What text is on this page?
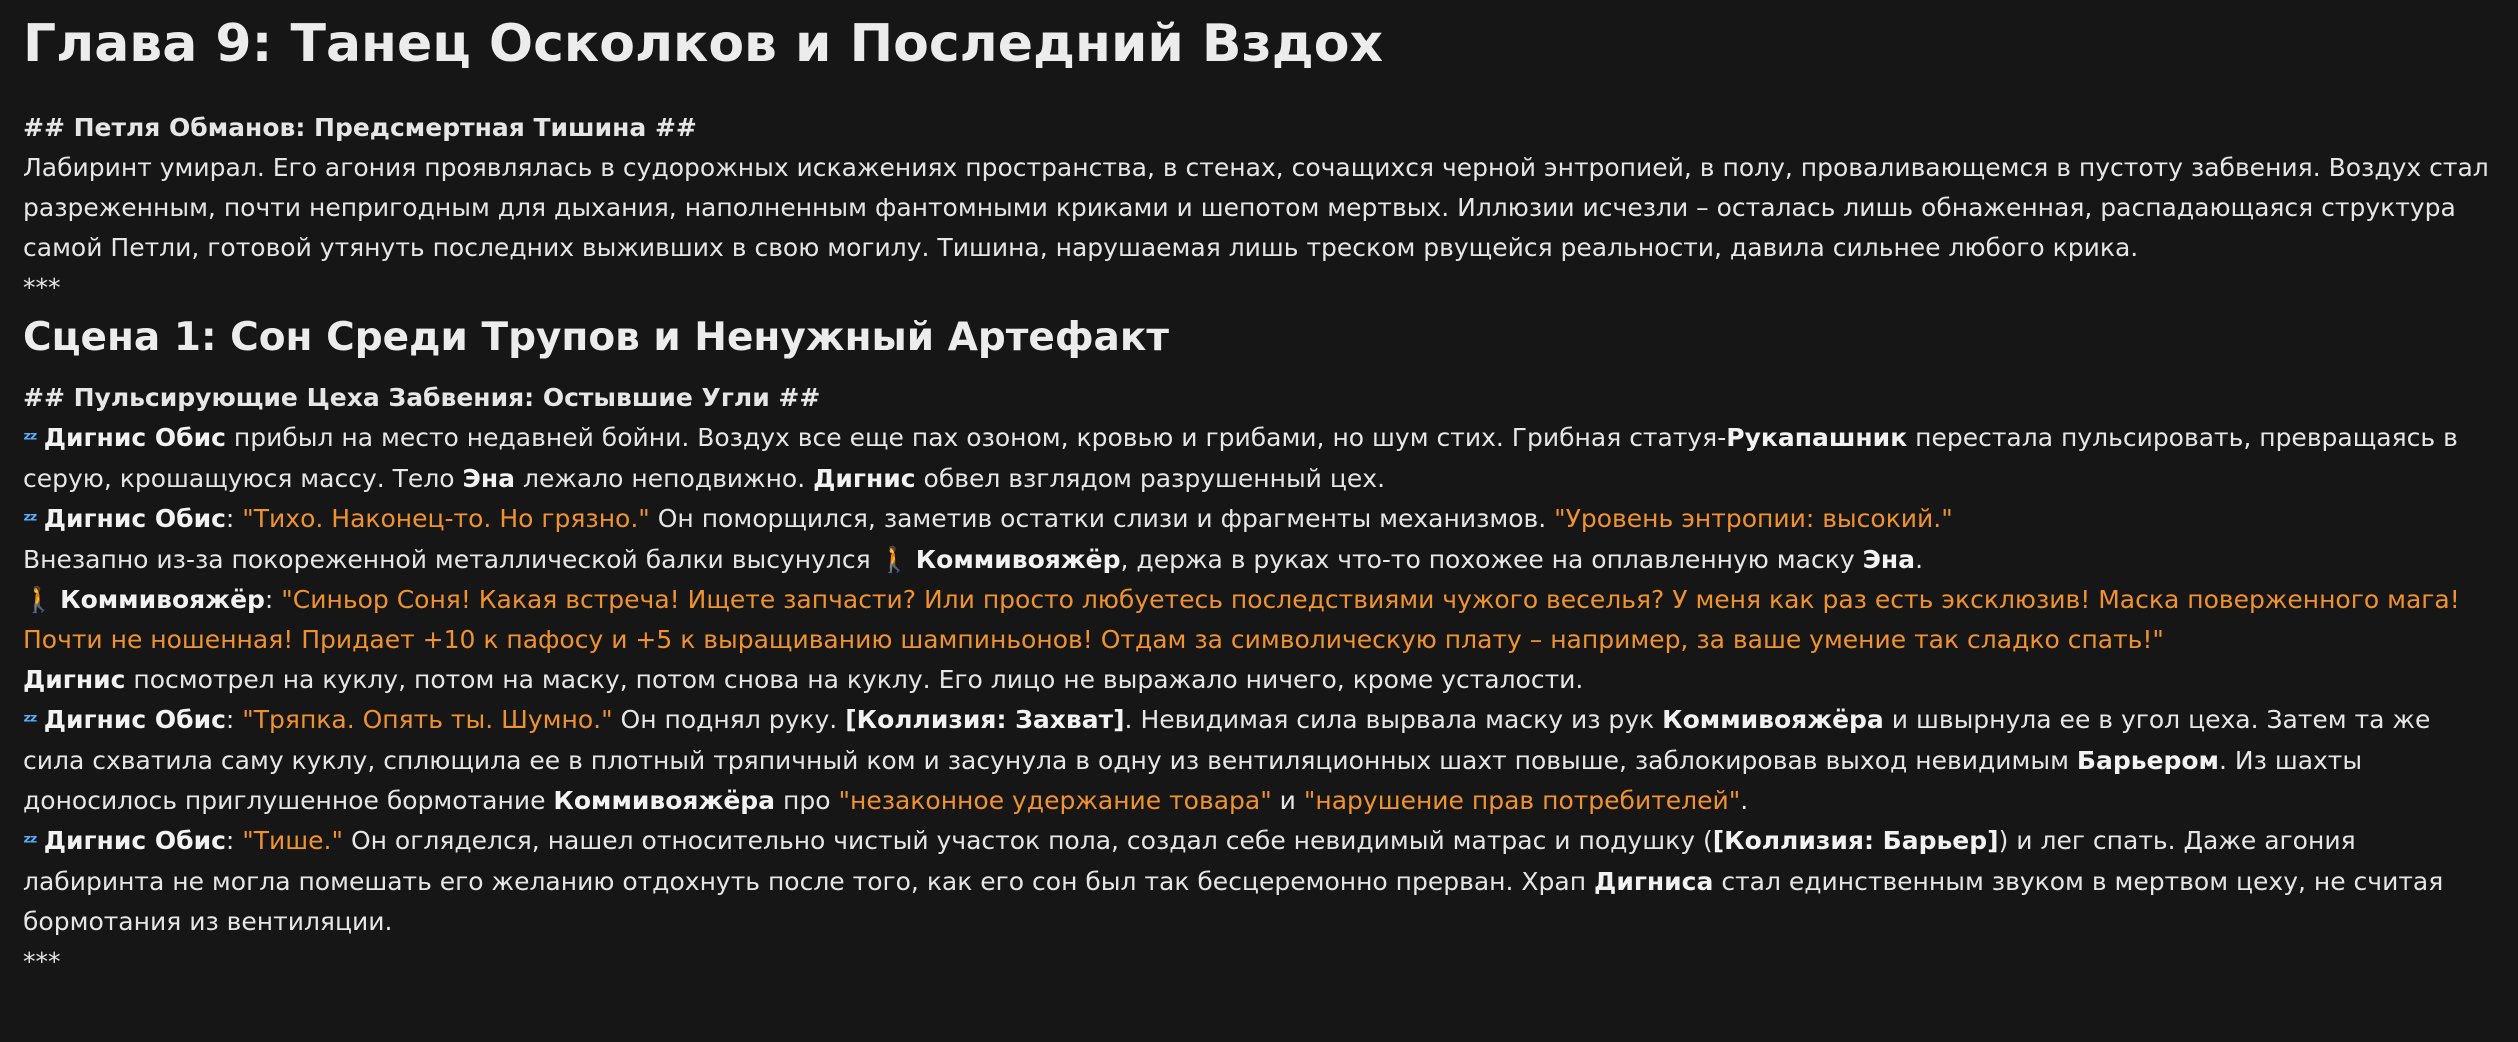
Глава 9: Танец Осколков и Последний Вздох
## Петля Обманов: Предсмертная Тишина ##

Лабиринт умирал. Его агония проявлялась в судорожных искажениях пространства, в стенах, сочащихся черной энтропией, в полу, проваливающемся в пустоту забвения. Воздух стал разреженным, почти непригодным для дыхания, наполненным фантомными криками и шепотом мертвых. Иллюзии исчезли – осталась лишь обнаженная, распадающаяся структура самой Петли, готовой утянуть последних выживших в свою могилу. Тишина, нарушаемая лишь треском рвущейся реальности, давила сильнее любого крика.

***
Сцена 1: Сон Среди Трупов и Ненужный Артефакт
## Пульсирующие Цеха Забвения: Остывшие Угли ##

ᶻᶻ Дигнис Обис прибыл на место недавней бойни. Воздух все еще пах озоном, кровью и грибами, но шум стих. Грибная статуя-Рукапашник перестала пульсировать, превращаясь в серую, крошащуюся массу. Тело Эна лежало неподвижно. Дигнис обвел взглядом разрушенный цех.

ᶻᶻ Дигнис Обис: "Тихо. Наконец-то. Но грязно." Он поморщился, заметив остатки слизи и фрагменты механизмов. "Уровень энтропии: высокий."

Внезапно из-за покореженной металлической балки высунулся 🚶 Коммивояжёр, держа в руках что-то похожее на оплавленную маску Эна.

🚶 Коммивояжёр: "Синьор Соня! Какая встреча! Ищете запчасти? Или просто любуетесь последствиями чужого веселья? У меня как раз есть эксклюзив! Маска поверженного мага! Почти не ношенная! Придает +10 к пафосу и +5 к выращиванию шампиньонов! Отдам за символическую плату – например, за ваше умение так сладко спать!"

Дигнис посмотрел на куклу, потом на маску, потом снова на куклу. Его лицо не выражало ничего, кроме усталости.

ᶻᶻ Дигнис Обис: "Тряпка. Опять ты. Шумно." Он поднял руку. [Коллизия: Захват]. Невидимая сила вырвала маску из рук Коммивояжёра и швырнула ее в угол цеха. Затем та же сила схватила саму куклу, сплющила ее в плотный тряпичный ком и засунула в одну из вентиляционных шахт повыше, заблокировав выход невидимым Барьером. Из шахты доносилось приглушенное бормотание Коммивояжёра про "незаконное удержание товара" и "нарушение прав потребителей".

ᶻᶻ Дигнис Обис: "Тише." Он огляделся, нашел относительно чистый участок пола, создал себе невидимый матрас и подушку ([Коллизия: Барьер]) и лег спать. Даже агония лабиринта не могла помешать его желанию отдохнуть после того, как его сон был так бесцеремонно прерван. Храп Дигниса стал единственным звуком в мертвом цеху, не считая бормотания из вентиляции.

***
